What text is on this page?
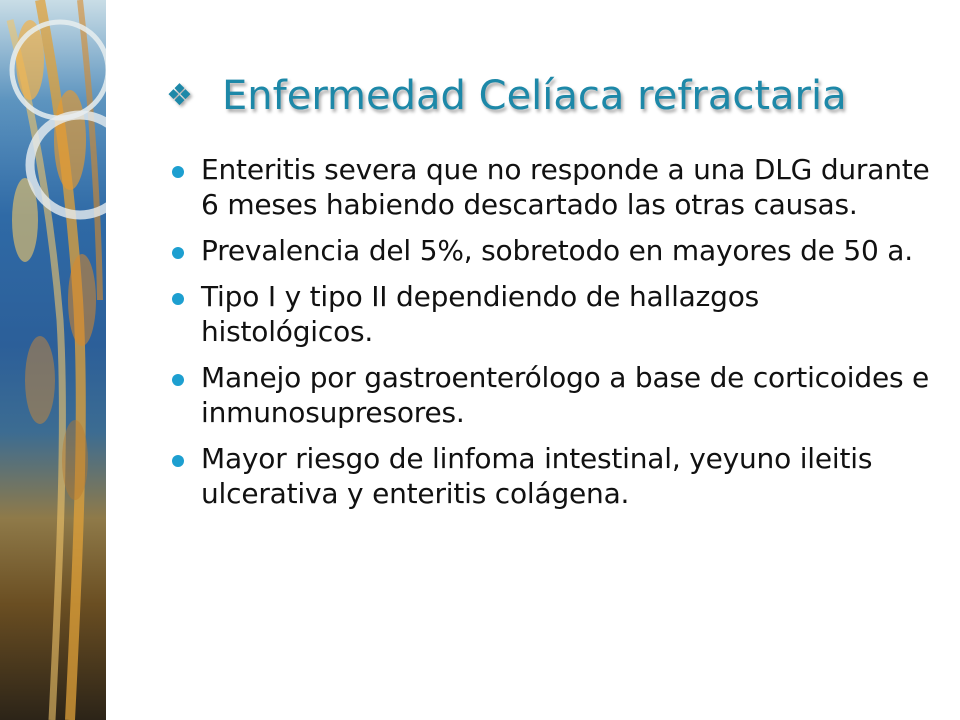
❖ Enfermedad Celíaca refractaria
Enteritis severa que no responde a una DLG durante 6 meses habiendo descartado las otras causas.
Prevalencia del 5%, sobretodo en mayores de 50 a.
Tipo I y tipo II dependiendo de hallazgos histológicos.
Manejo por gastroenterólogo a base de corticoides e inmunosupresores.
Mayor riesgo de linfoma intestinal, yeyuno ileitis ulcerativa y enteritis colágena.
